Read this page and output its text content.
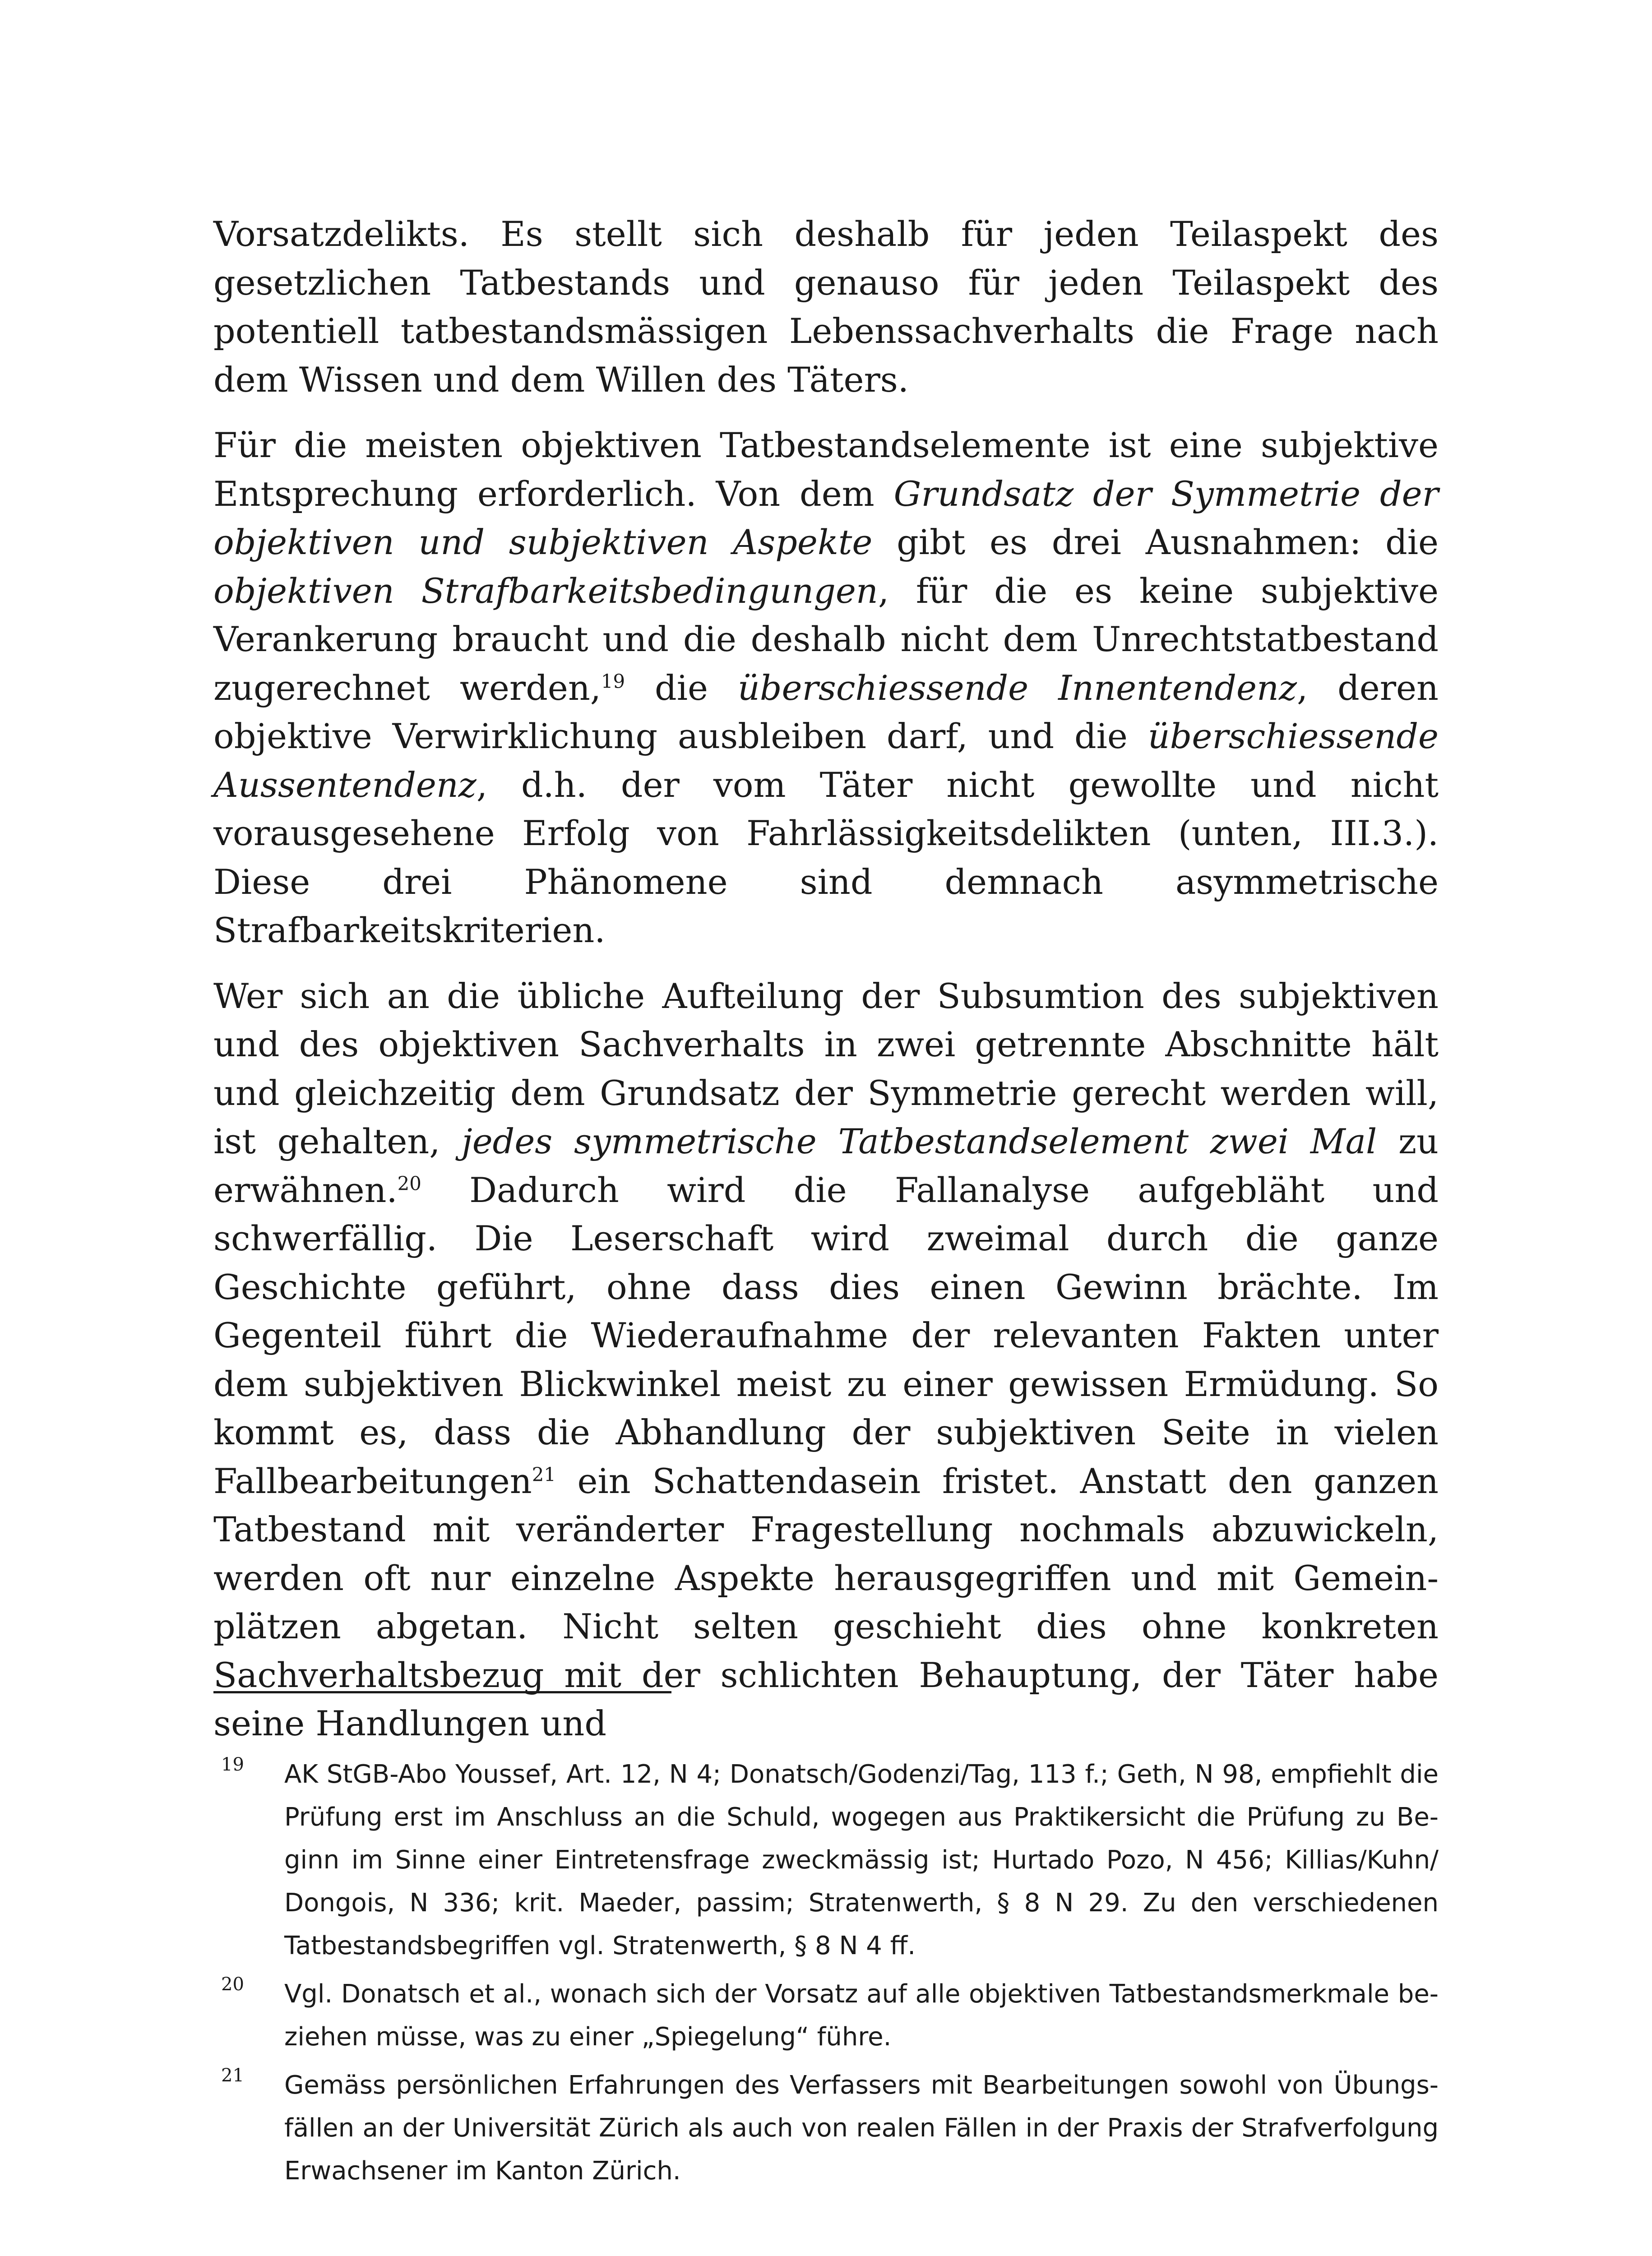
Vorsatzdelikts. Es stellt sich deshalb für jeden Teilaspekt des gesetzlichen Tatbestands und genauso für jeden Teilaspekt des potentiell tatbestandsmässigen Lebenssachverhalts die Frage nach dem Wissen und dem Willen des Täters.

Für die meisten objektiven Tatbestandselemente ist eine subjektive Entsprechung erforderlich. Von dem Grundsatz der Symmetrie der objektiven und subjektiven Aspekte gibt es drei Ausnahmen: die objektiven Strafbarkeitsbedingungen, für die es keine subjektive Verankerung braucht und die deshalb nicht dem Unrechtstatbestand zugerechnet werden,$^{19}$ die überschiessende Innentendenz, deren objektive Verwirklichung ausbleiben darf, und die überschiessende Aussentendenz, d.h. der vom Täter nicht gewollte und nicht vorausgesehene Erfolg von Fahrlässigkeitsdelikten (unten, III.3.). Diese drei Phänomene sind demnach asymmetrische Strafbarkeitskriterien.

Wer sich an die übliche Aufteilung der Subsumtion des subjektiven und des objektiven Sachverhalts in zwei getrennte Abschnitte hält und gleichzeitig dem Grundsatz der Symmetrie gerecht werden will, ist gehalten, jedes symmetrische Tatbestandselement zwei Mal zu erwähnen.$^{20}$ Dadurch wird die Fallanalyse aufgebläht und schwerfällig. Die Leserschaft wird zweimal durch die ganze Geschichte geführt, ohne dass dies einen Gewinn brächte. Im Gegenteil führt die Wiederaufnahme der relevanten Fakten unter dem subjektiven Blickwinkel meist zu einer gewissen Ermüdung. So kommt es, dass die Abhandlung der subjektiven Seite in vielen Fallbearbeitungen$^{21}$ ein Schattendasein fristet. Anstatt den ganzen Tatbestand mit veränderter Fragestellung nochmals abzuwickeln, werden oft nur einzelne Aspekte herausgegriffen und mit Gemeinplätzen abgetan. Nicht selten geschieht dies ohne konkreten Sachverhaltsbezug mit der schlichten Behauptung, der Täter habe seine Handlungen und

19 AK StGB-Abo Youssef, Art. 12, N 4; Donatsch/Godenzi/Tag, 113 f.; Geth, N 98, empfiehlt die Prüfung erst im Anschluss an die Schuld, wogegen aus Praktikersicht die Prüfung zu Beginn im Sinne einer Eintretensfrage zweckmässig ist; Hurtado Pozo, N 456; Killias/Kuhn/ Dongois, N 336; krit. Maeder, passim; Stratenwerth, § 8 N 29. Zu den verschiedenen Tatbestandsbegriffen vgl. Stratenwerth, § 8 N 4 ff.
20 Vgl. Donatsch et al., wonach sich der Vorsatz auf alle objektiven Tatbestandsmerkmale beziehen müsse, was zu einer „Spiegelung“ führe.
21 Gemäss persönlichen Erfahrungen des Verfassers mit Bearbeitungen sowohl von Übungsfällen an der Universität Zürich als auch von realen Fällen in der Praxis der Strafverfolgung Erwachsener im Kanton Zürich.
